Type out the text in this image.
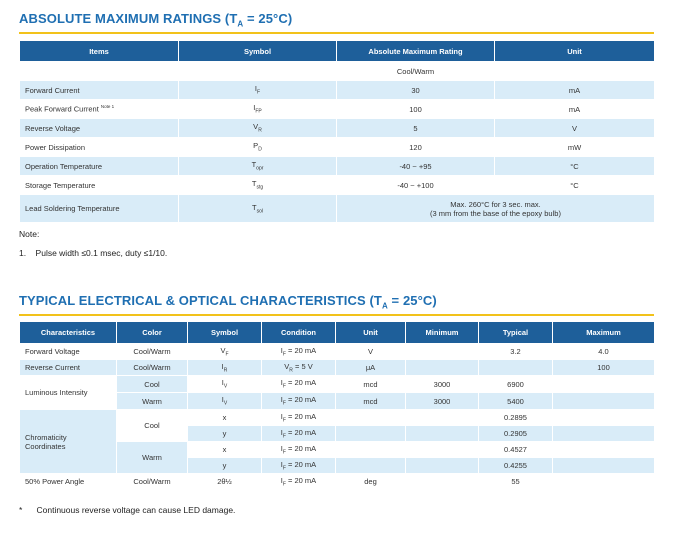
ABSOLUTE MAXIMUM RATINGS $(T_A = 25^\circ C)$
Items	Symbol	Absolute Maximum Rating	Unit
		Cool/Warm	
Forward Current	$I_F$	30	mA
Peak Forward Current $^{Note 1}$	$I_{FP}$	100	mA
Reverse Voltage	$V_R$	5	V
Power Dissipation	$P_D$	120	mW
Operation Temperature	$T_{opr}$	-40 ~ +95	°C
Storage Temperature	$T_{stg}$	-40 ~ +100	°C
Lead Soldering Temperature	$T_{sol}$	Max. 260°C for 3 sec. max.
(3 mm from the base of the epoxy bulb)	
Note:
1. Pulse width ≤0.1 msec, duty ≤1/10.
TYPICAL ELECTRICAL & OPTICAL CHARACTERISTICS $(T_A = 25^\circ C)$
Characteristics	Color	Symbol	Condition	Unit	Minimum	Typical	Maximum
Forward Voltage	Cool/Warm	$V_F$	$I_F = 20$ mA	V		3.2	4.0
Reverse Current	Cool/Warm	$I_R$	$V_R = 5$ V	μA			100
Luminous Intensity	Cool	$I_V$	$I_F = 20$ mA	mcd	3000	6900	
	Warm	$I_V$	$I_F = 20$ mA	mcd	3000	5400	
Chromaticity
Coordinates	Cool	x	$I_F = 20$ mA			0.2895	
		y	$I_F = 20$ mA			0.2905	
	Warm	x	$I_F = 20$ mA			0.4527	
		y	$I_F = 20$ mA			0.4255	
50% Power Angle	Cool/Warm	2θ½	$I_F = 20$ mA	deg		55	
* Continuous reverse voltage can cause LED damage.
